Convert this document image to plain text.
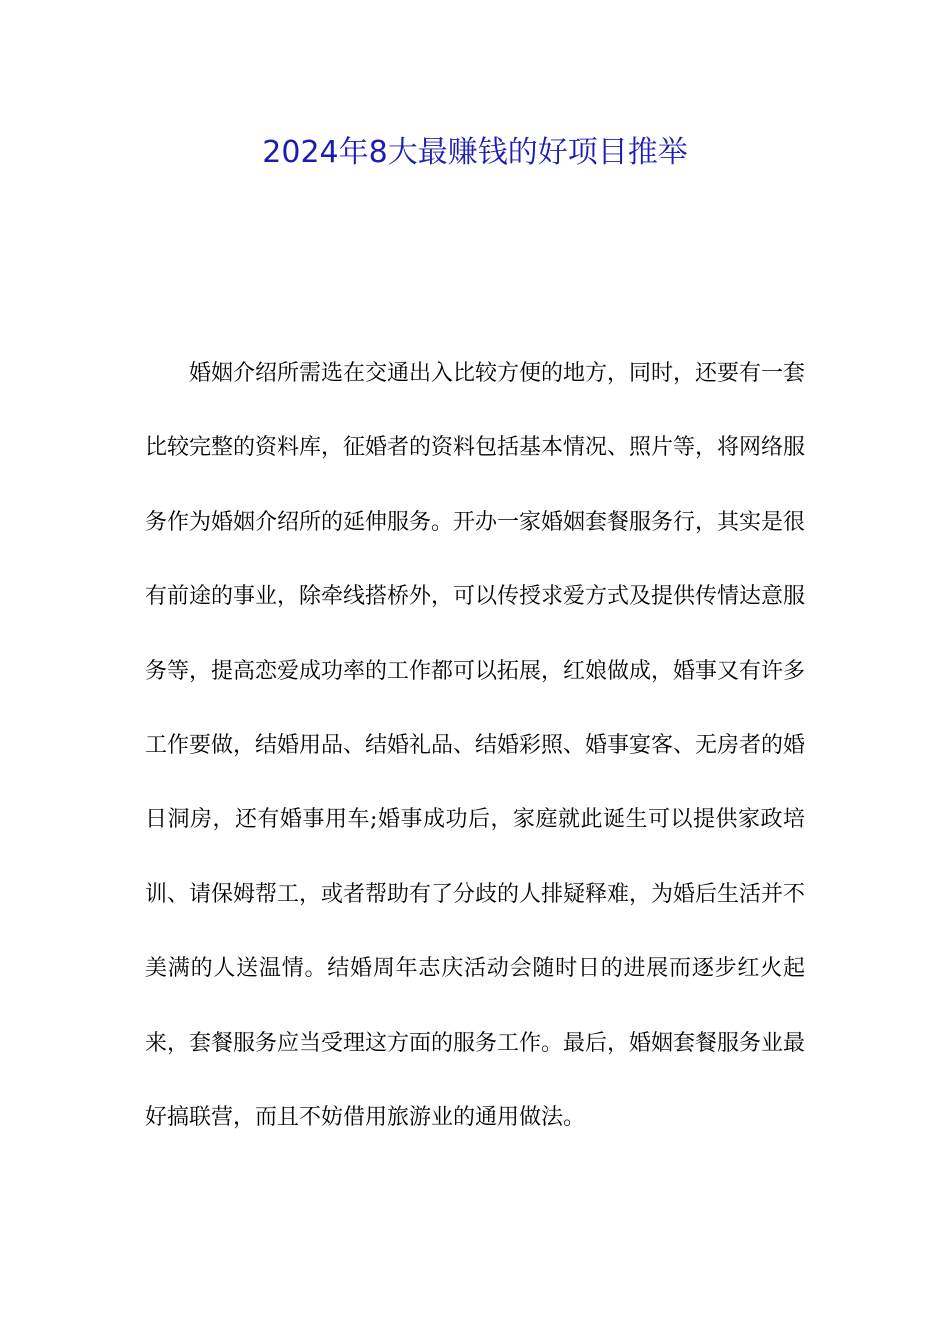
2024年8大最赚钱的好项目推举

婚姻介绍所需选在交通出入比较方便的地方，同时，还要有一套比较完整的资料库，征婚者的资料包括基本情况、照片等，将网络服务作为婚姻介绍所的延伸服务。开办一家婚姻套餐服务行，其实是很有前途的事业，除牵线搭桥外，可以传授求爱方式及提供传情达意服务等，提高恋爱成功率的工作都可以拓展，红娘做成，婚事又有许多工作要做，结婚用品、结婚礼品、结婚彩照、婚事宴客、无房者的婚日洞房，还有婚事用车;婚事成功后，家庭就此诞生可以提供家政培训、请保姆帮工，或者帮助有了分歧的人排疑释难，为婚后生活并不美满的人送温情。结婚周年志庆活动会随时日的进展而逐步红火起来，套餐服务应当受理这方面的服务工作。最后，婚姻套餐服务业最好搞联营，而且不妨借用旅游业的通用做法。
